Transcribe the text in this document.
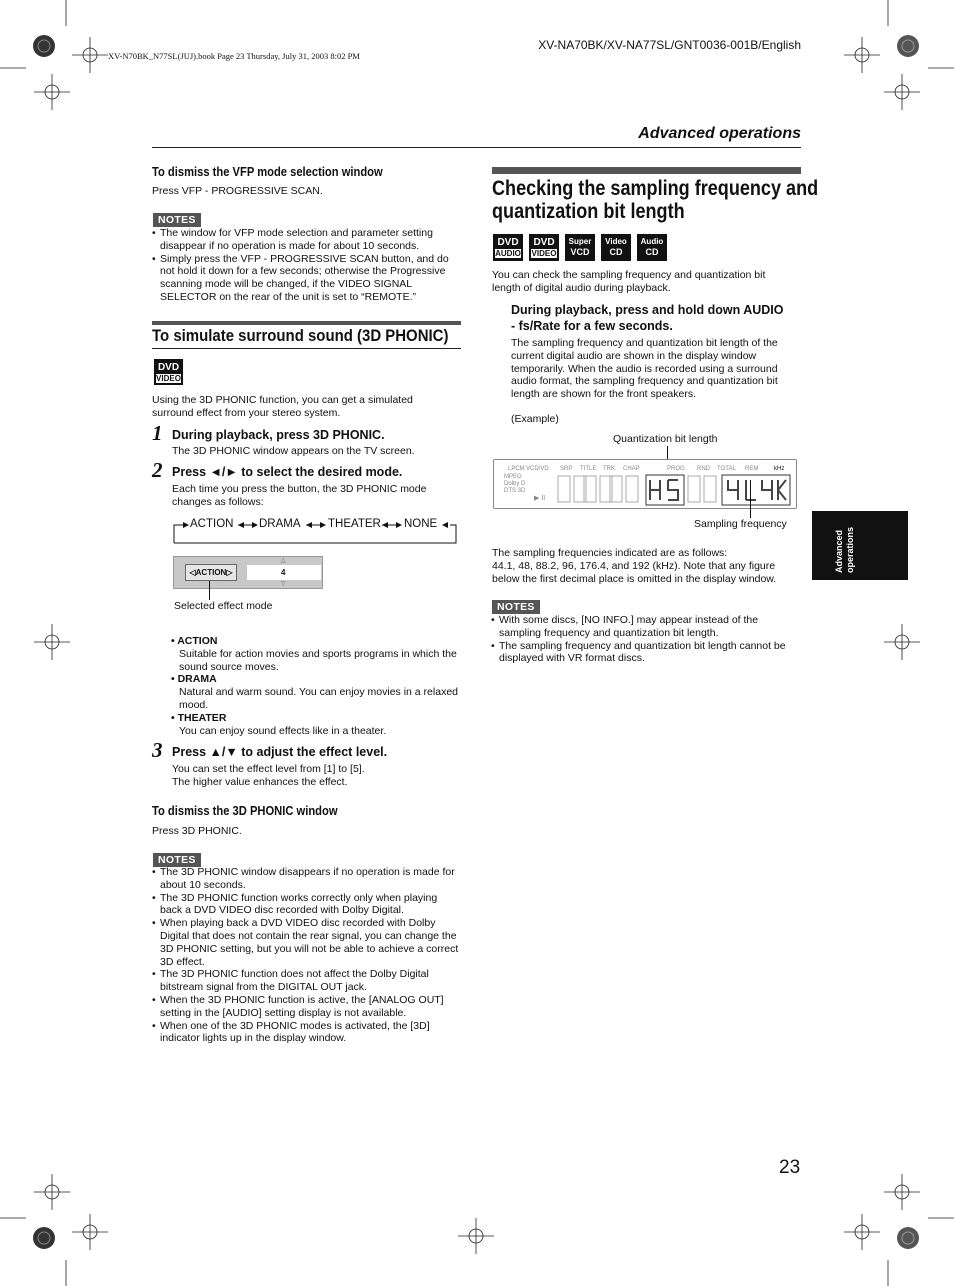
XV-N70BK_N77SL(JUJ).book Page 23 Thursday, July 31, 2003 8:02 PM
XV-NA70BK/XV-NA77SL/GNT0036-001B/English
Advanced operations
Advanced operations
23
To dismiss the VFP mode selection window
Press VFP - PROGRESSIVE SCAN.
NOTES
• The window for VFP mode selection and parameter setting disappear if no operation is made for about 10 seconds.
• Simply press the VFP - PROGRESSIVE SCAN button, and do not hold it down for a few seconds; otherwise the Progressive scanning mode will be changed, if the VIDEO SIGNAL SELECTOR on the rear of the unit is set to “REMOTE.”
To simulate surround sound (3D PHONIC)
DVD
VIDEO
Using the 3D PHONIC function, you can get a simulated surround effect from your stereo system.
1 During playback, press 3D PHONIC.
The 3D PHONIC window appears on the TV screen.
2 Press ◄/► to select the desired mode.
Each time you press the button, the 3D PHONIC mode changes as follows:
ACTION DRAMA THEATER NONE
◁ACTION▷	4
△
▽
Selected effect mode
• ACTION
Suitable for action movies and sports programs in which the sound source moves.
• DRAMA
Natural and warm sound. You can enjoy movies in a relaxed mood.
• THEATER
You can enjoy sound effects like in a theater.
3 Press ▲/▼ to adjust the effect level.
You can set the effect level from [1] to [5].
The higher value enhances the effect.
To dismiss the 3D PHONIC window
Press 3D PHONIC.
NOTES
• The 3D PHONIC window disappears if no operation is made for about 10 seconds.
• The 3D PHONIC function works correctly only when playing back a DVD VIDEO disc recorded with Dolby Digital.
• When playing back a DVD VIDEO disc recorded with Dolby Digital that does not contain the rear signal, you can change the 3D PHONIC setting, but you will not be able to achieve a correct 3D effect.
• The 3D PHONIC function does not affect the Dolby Digital bitstream signal from the DIGITAL OUT jack.
• When the 3D PHONIC function is active, the [ANALOG OUT] setting in the [AUDIO] setting display is not available.
• When one of the 3D PHONIC modes is activated, the [3D] indicator lights up in the display window.
Checking the sampling frequency and
quantization bit length
DVD
AUDIO
DVD
VIDEO
Super
VCD
Video
CD
Audio
CD
You can check the sampling frequency and quantization bit length of digital audio during playback.
During playback, press and hold down AUDIO - fs/Rate for a few seconds.
The sampling frequency and quantization bit length of the current digital audio are shown in the display window temporarily. When the audio is recorded using a surround audio format, the sampling frequency and quantization bit length are shown for the front speakers.
(Example)
Quantization bit length
LPCM VCD/VD SRP TITLE TRK CHAP	PROG RND TOTAL REM	kHz
MPEG
Dolby D
DTS 3D
▶ II
Sampling frequency
The sampling frequencies indicated are as follows:
44.1, 48, 88.2, 96, 176.4, and 192 (kHz). Note that any figure below the first decimal place is omitted in the display window.
NOTES
• With some discs, [NO INFO.] may appear instead of the sampling frequency and quantization bit length.
• The sampling frequency and quantization bit length cannot be displayed with VR format discs.
